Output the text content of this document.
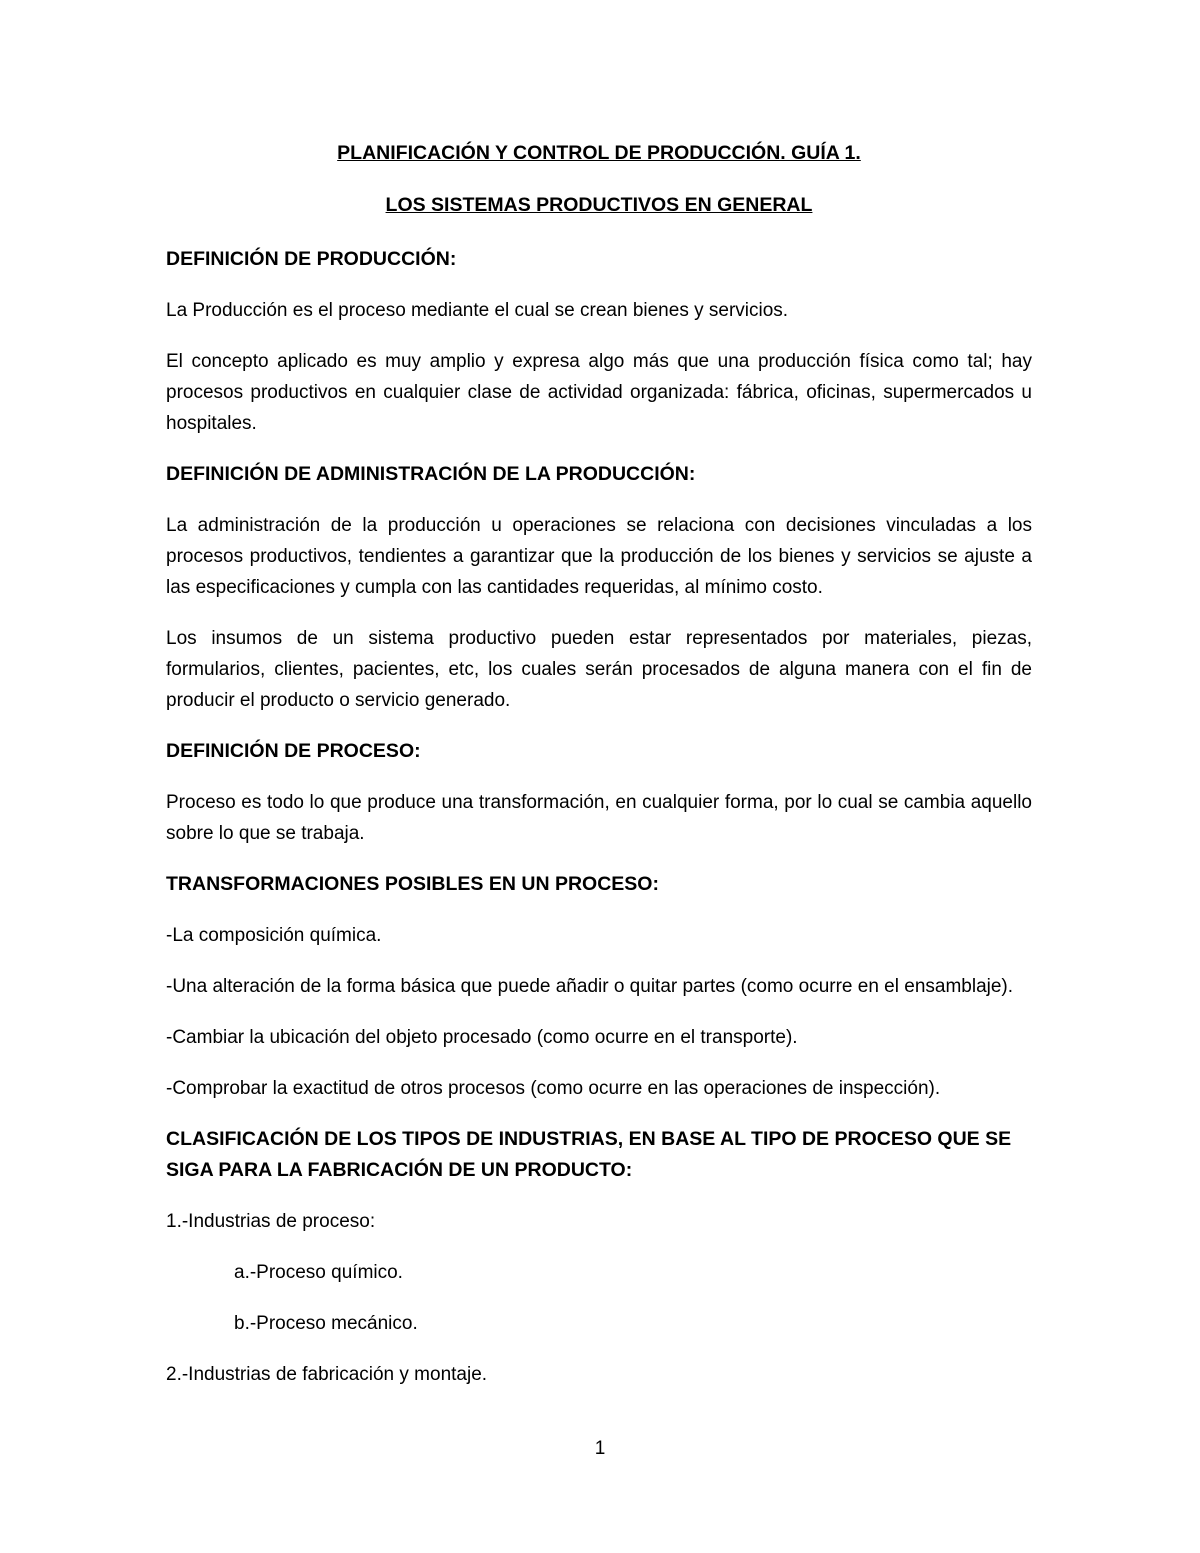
PLANIFICACIÓN Y CONTROL DE PRODUCCIÓN. GUÍA 1.
LOS SISTEMAS PRODUCTIVOS EN GENERAL
DEFINICIÓN DE PRODUCCIÓN:
La Producción es el proceso mediante el cual se crean bienes y servicios.
El concepto aplicado es muy amplio y expresa algo más que una producción física como tal; hay procesos productivos en cualquier clase de actividad organizada: fábrica, oficinas, supermercados u hospitales.
DEFINICIÓN DE ADMINISTRACIÓN DE LA PRODUCCIÓN:
La administración de la producción u operaciones se relaciona con decisiones vinculadas a los procesos productivos, tendientes a garantizar que la producción de los bienes y servicios se ajuste a las especificaciones y cumpla con las cantidades requeridas, al mínimo costo.
Los insumos de un sistema productivo pueden estar representados por materiales, piezas, formularios, clientes, pacientes, etc, los cuales serán procesados de alguna manera con el fin de producir el producto o servicio generado.
DEFINICIÓN DE PROCESO:
Proceso es todo lo que produce una transformación, en cualquier forma, por lo cual se cambia aquello sobre lo que se trabaja.
TRANSFORMACIONES POSIBLES EN UN PROCESO:
-La composición química.
-Una alteración de la forma básica que puede añadir o quitar partes (como ocurre en el ensamblaje).
-Cambiar la ubicación del objeto procesado (como ocurre en el transporte).
-Comprobar la exactitud de otros procesos (como ocurre en las operaciones de inspección).
CLASIFICACIÓN DE LOS TIPOS DE INDUSTRIAS, EN BASE AL TIPO DE PROCESO QUE SE SIGA PARA LA FABRICACIÓN DE UN PRODUCTO:
1.-Industrias de proceso:
a.-Proceso químico.
b.-Proceso mecánico.
2.-Industrias de fabricación y montaje.
1
